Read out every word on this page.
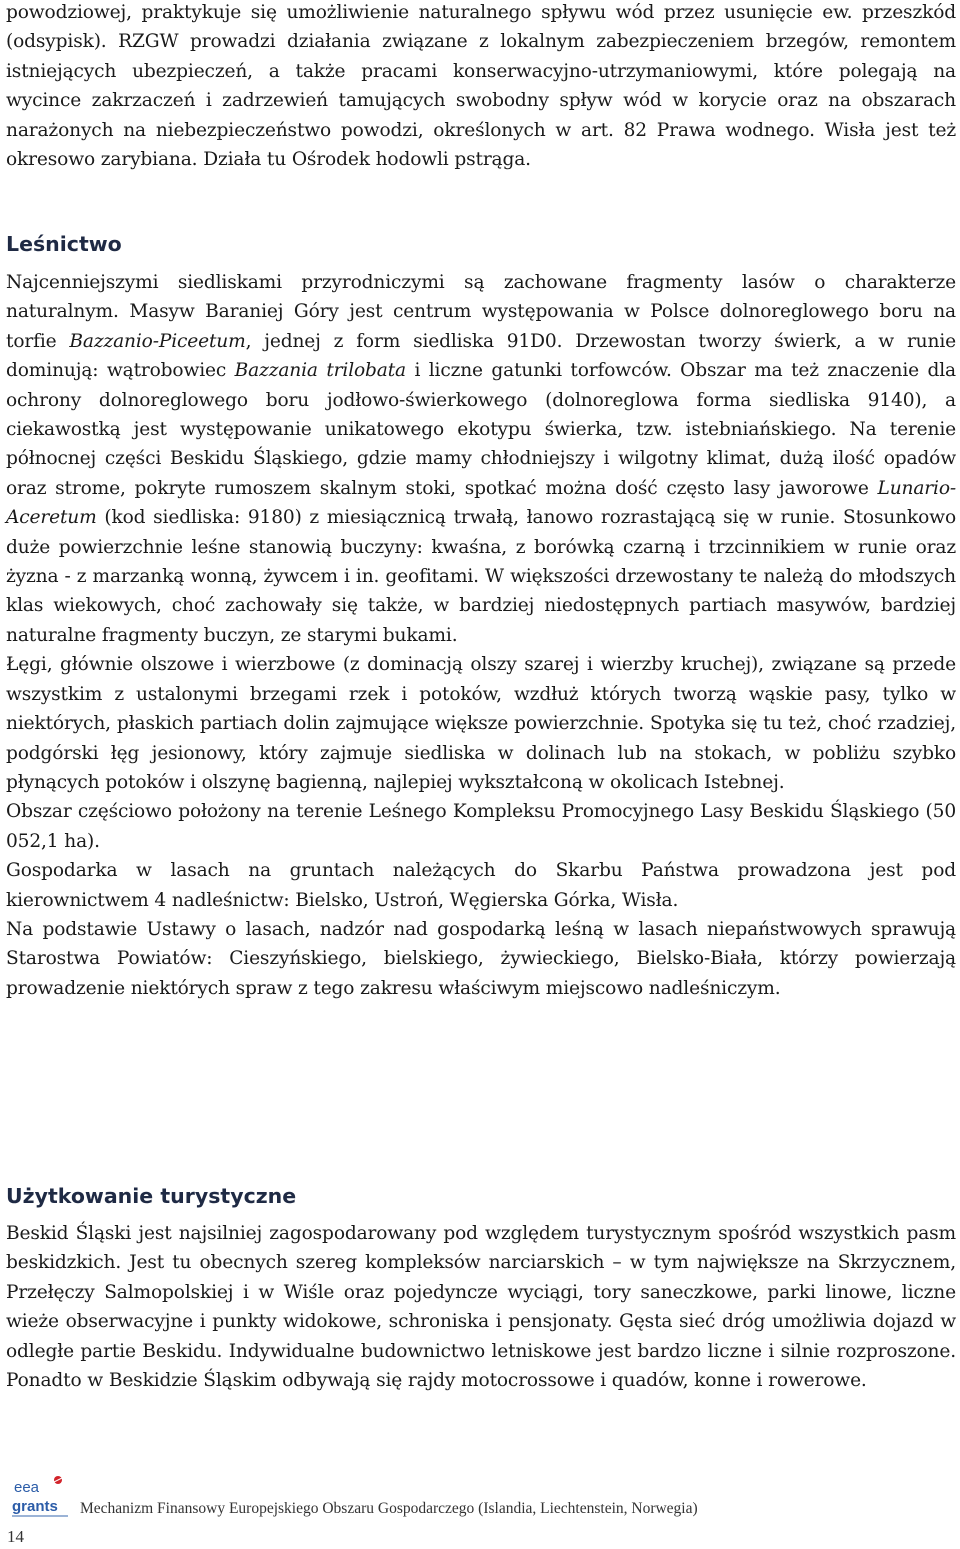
powodziowej, praktykuje się umożliwienie naturalnego spływu wód przez usunięcie ew. przeszkód (odsypisk). RZGW prowadzi działania związane z lokalnym zabezpieczeniem brzegów, remontem istniejących ubezpieczeń, a także pracami konserwacyjno-utrzymaniowymi, które polegają na wycince zakrzaczeń i zadrzewień tamujących swobodny spływ wód w korycie oraz na obszarach narażonych na niebezpieczeństwo powodzi, określonych w art. 82 Prawa wodnego. Wisła jest też okresowo zarybiana. Działa tu Ośrodek hodowli pstrąga.

Leśnictwo

Najcenniejszymi siedliskami przyrodniczymi są zachowane fragmenty lasów o charakterze naturalnym. Masyw Baraniej Góry jest centrum występowania w Polsce dolnoreglowego boru na torfie Bazzanio-Piceetum, jednej z form siedliska 91D0. Drzewostan tworzy świerk, a w runie dominują: wątrobowiec Bazzania trilobata i liczne gatunki torfowców. Obszar ma też znaczenie dla ochrony dolnoreglowego boru jodłowo-świerkowego (dolnoreglowa forma siedliska 9140), a ciekawostką jest występowanie unikatowego ekotypu świerka, tzw. istebniańskiego. Na terenie północnej części Beskidu Śląskiego, gdzie mamy chłodniejszy i wilgotny klimat, dużą ilość opadów oraz strome, pokryte rumoszem skalnym stoki, spotkać można dość często lasy jaworowe Lunario-Aceretum (kod siedliska: 9180) z miesiącznicą trwałą, łanowo rozrastającą się w runie. Stosunkowo duże powierzchnie leśne stanowią buczyny: kwaśna, z borówką czarną i trzcinnikiem w runie oraz żyzna - z marzanką wonną, żywcem i in. geofitami. W większości drzewostany te należą do młodszych klas wiekowych, choć zachowały się także, w bardziej niedostępnych partiach masywów, bardziej naturalne fragmenty buczyn, ze starymi bukami.

Łęgi, głównie olszowe i wierzbowe (z dominacją olszy szarej i wierzby kruchej), związane są przede wszystkim z ustalonymi brzegami rzek i potoków, wzdłuż których tworzą wąskie pasy, tylko w niektórych, płaskich partiach dolin zajmujące większe powierzchnie. Spotyka się tu też, choć rzadziej, podgórski łęg jesionowy, który zajmuje siedliska w dolinach lub na stokach, w pobliżu szybko płynących potoków i olszynę bagienną, najlepiej wykształconą w okolicach Istebnej.

Obszar częściowo położony na terenie Leśnego Kompleksu Promocyjnego Lasy Beskidu Śląskiego (50 052,1 ha).

Gospodarka w lasach na gruntach należących do Skarbu Państwa prowadzona jest pod kierownictwem 4 nadleśnictw: Bielsko, Ustroń, Węgierska Górka, Wisła.

Na podstawie Ustawy o lasach, nadzór nad gospodarką leśną w lasach niepaństwowych sprawują Starostwa Powiatów: Cieszyńskiego, bielskiego, żywieckiego, Bielsko-Biała, którzy powierzają prowadzenie niektórych spraw z tego zakresu właściwym miejscowo nadleśniczym.

Użytkowanie turystyczne

Beskid Śląski jest najsilniej zagospodarowany pod względem turystycznym spośród wszystkich pasm beskidzkich. Jest tu obecnych szereg kompleksów narciarskich – w tym największe na Skrzycznem, Przełęczy Salmopolskiej i w Wiśle oraz pojedyncze wyciągi, tory saneczkowe, parki linowe, liczne wieże obserwacyjne i punkty widokowe, schroniska i pensjonaty. Gęsta sieć dróg umożliwia dojazd w odległe partie Beskidu. Indywidualne budownictwo letniskowe jest bardzo liczne i silnie rozproszone. Ponadto w Beskidzie Śląskim odbywają się rajdy motocrossowe i quadów, konne i rowerowe.

eea
grants Mechanizm Finansowy Europejskiego Obszaru Gospodarczego (Islandia, Liechtenstein, Norwegia)
14
